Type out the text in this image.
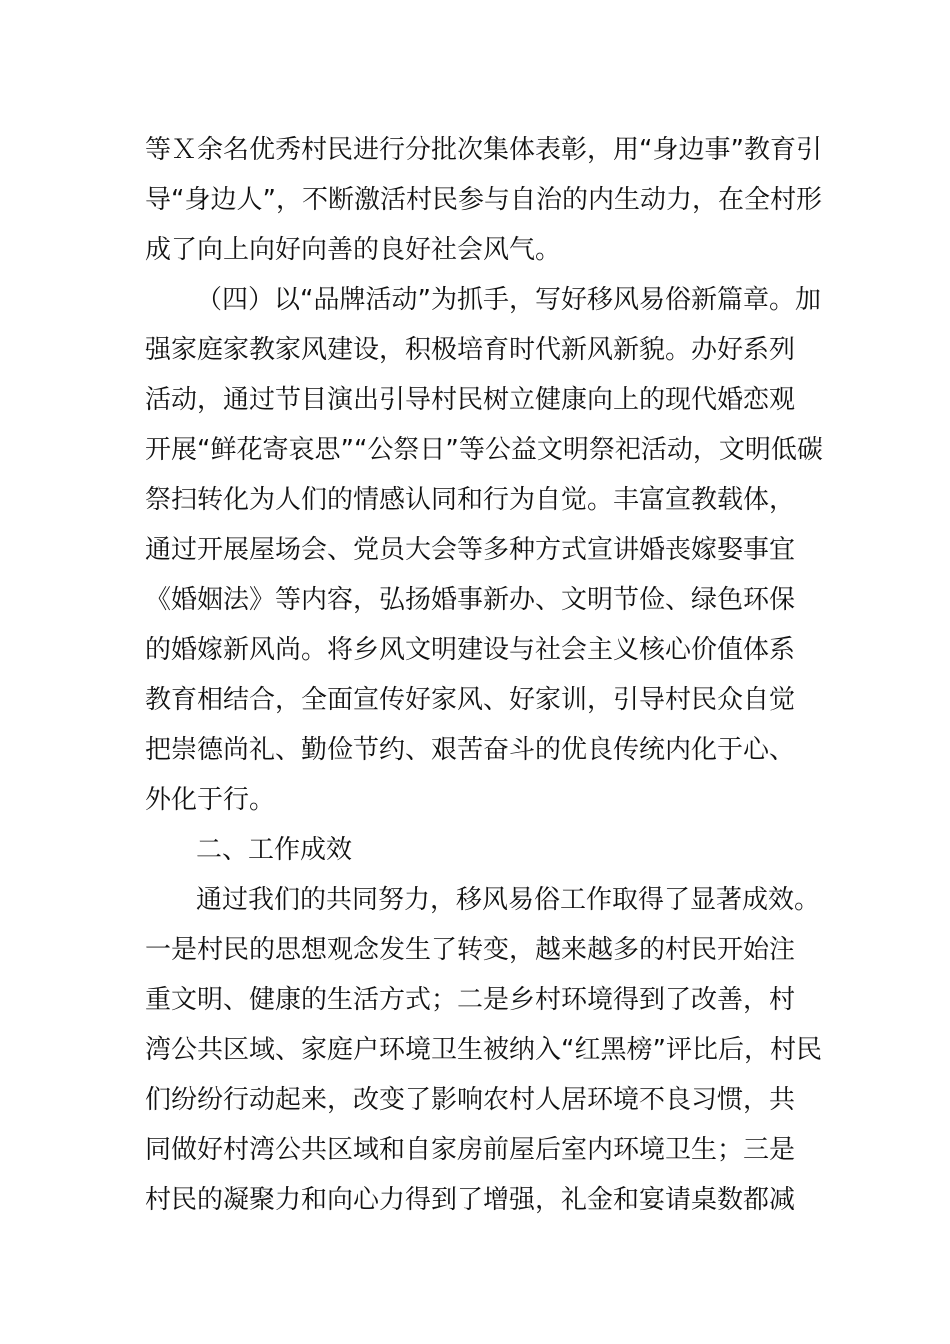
等Ｘ余名优秀村民进行分批次集体表彰，用“身边事”教育引
导“身边人”，不断激活村民参与自治的内生动力，在全村形
成了向上向好向善的良好社会风气。
（四）以“品牌活动”为抓手，写好移风易俗新篇章。加
强家庭家教家风建设，积极培育时代新风新貌。办好系列
活动，通过节目演出引导村民树立健康向上的现代婚恋观
开展“鲜花寄哀思”“公祭日”等公益文明祭祀活动，文明低碳
祭扫转化为人们的情感认同和行为自觉。丰富宣教载体，
通过开展屋场会、党员大会等多种方式宣讲婚丧嫁娶事宜
《婚姻法》等内容，弘扬婚事新办、文明节俭、绿色环保
的婚嫁新风尚。将乡风文明建设与社会主义核心价值体系
教育相结合，全面宣传好家风、好家训，引导村民众自觉
把崇德尚礼、勤俭节约、艰苦奋斗的优良传统内化于心、
外化于行。
二、工作成效
通过我们的共同努力，移风易俗工作取得了显著成效。
一是村民的思想观念发生了转变，越来越多的村民开始注
重文明、健康的生活方式；二是乡村环境得到了改善，村
湾公共区域、家庭户环境卫生被纳入“红黑榜”评比后，村民
们纷纷行动起来，改变了影响农村人居环境不良习惯，共
同做好村湾公共区域和自家房前屋后室内环境卫生；三是
村民的凝聚力和向心力得到了增强，礼金和宴请桌数都减
